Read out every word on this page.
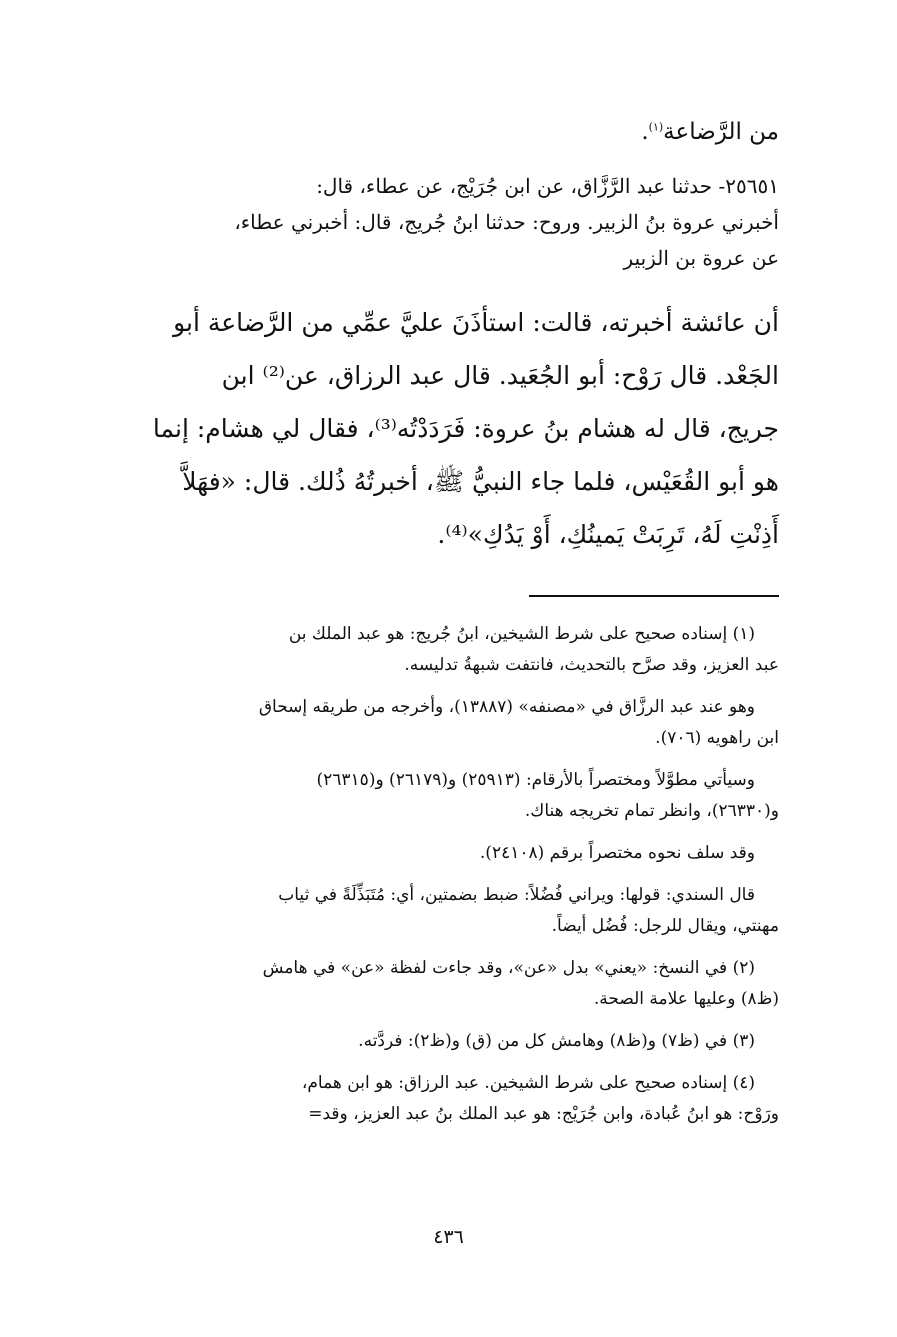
من الرَّضاعة$^{(١)}$.
٢٥٦٥١- حدثنا عبد الرَّزَّاق، عن ابن جُرَيْج، عن عطاء، قال:
أخبرني عروة بنُ الزبير. وروح: حدثنا ابنُ جُريج، قال: أخبرني عطاء،
عن عروة بن الزبير
أن عائشة أخبرته، قالت: استأذَنَ عليَّ عمِّي من الرَّضاعة أبو
الجَعْد. قال رَوْح: أبو الجُعَيد. قال عبد الرزاق، عن⁽²⁾ ابن
جريج، قال له هشام بنُ عروة: فَرَدَدْتُه⁽³⁾، فقال لي هشام: إنما
هو أبو القُعَيْس، فلما جاء النبيُّ ﷺ، أخبرتُهُ ذُلك. قال: «فهَلاَّ
أَذِنْتِ لَهُ، تَرِبَتْ يَمينُكِ، أَوْ يَدُكِ»⁽⁴⁾.
(١) إسناده صحيح على شرط الشيخين، ابنُ جُريج: هو عبد الملك بن
عبد العزيز، وقد صرَّح بالتحديث، فانتفت شبهةُ تدليسه.
وهو عند عبد الرزَّاق في «مصنفه» (١٣٨٨٧)، وأخرجه من طريقه إسحاق
ابن راهويه (٧٠٦).
وسيأتي مطوَّلاً ومختصراً بالأرقام: (٢٥٩١٣) و(٢٦١٧٩) و(٢٦٣١٥)
و(٢٦٣٣٠)، وانظر تمام تخريجه هناك.
وقد سلف نحوه مختصراً برقم (٢٤١٠٨).
قال السندي: قولها: ويراني فُضُلاً: ضبط بضمتين، أي: مُتَبَذِّلَةً في ثياب
مهنتي، ويقال للرجل: فُضُل أيضاً.
(٢) في النسخ: «يعني» بدل «عن»، وقد جاءت لفظة «عن» في هامش
(ظ٨) وعليها علامة الصحة.
(٣) في (ظ٧) و(ظ٨) وهامش كل من (ق) و(ظ٢): فردَّته.
(٤) إسناده صحيح على شرط الشيخين. عبد الرزاق: هو ابن همام،
ورَوْح: هو ابنُ عُبادة، وابن جُرَيْج: هو عبد الملك بنُ عبد العزيز، وقد=
٤٣٦
